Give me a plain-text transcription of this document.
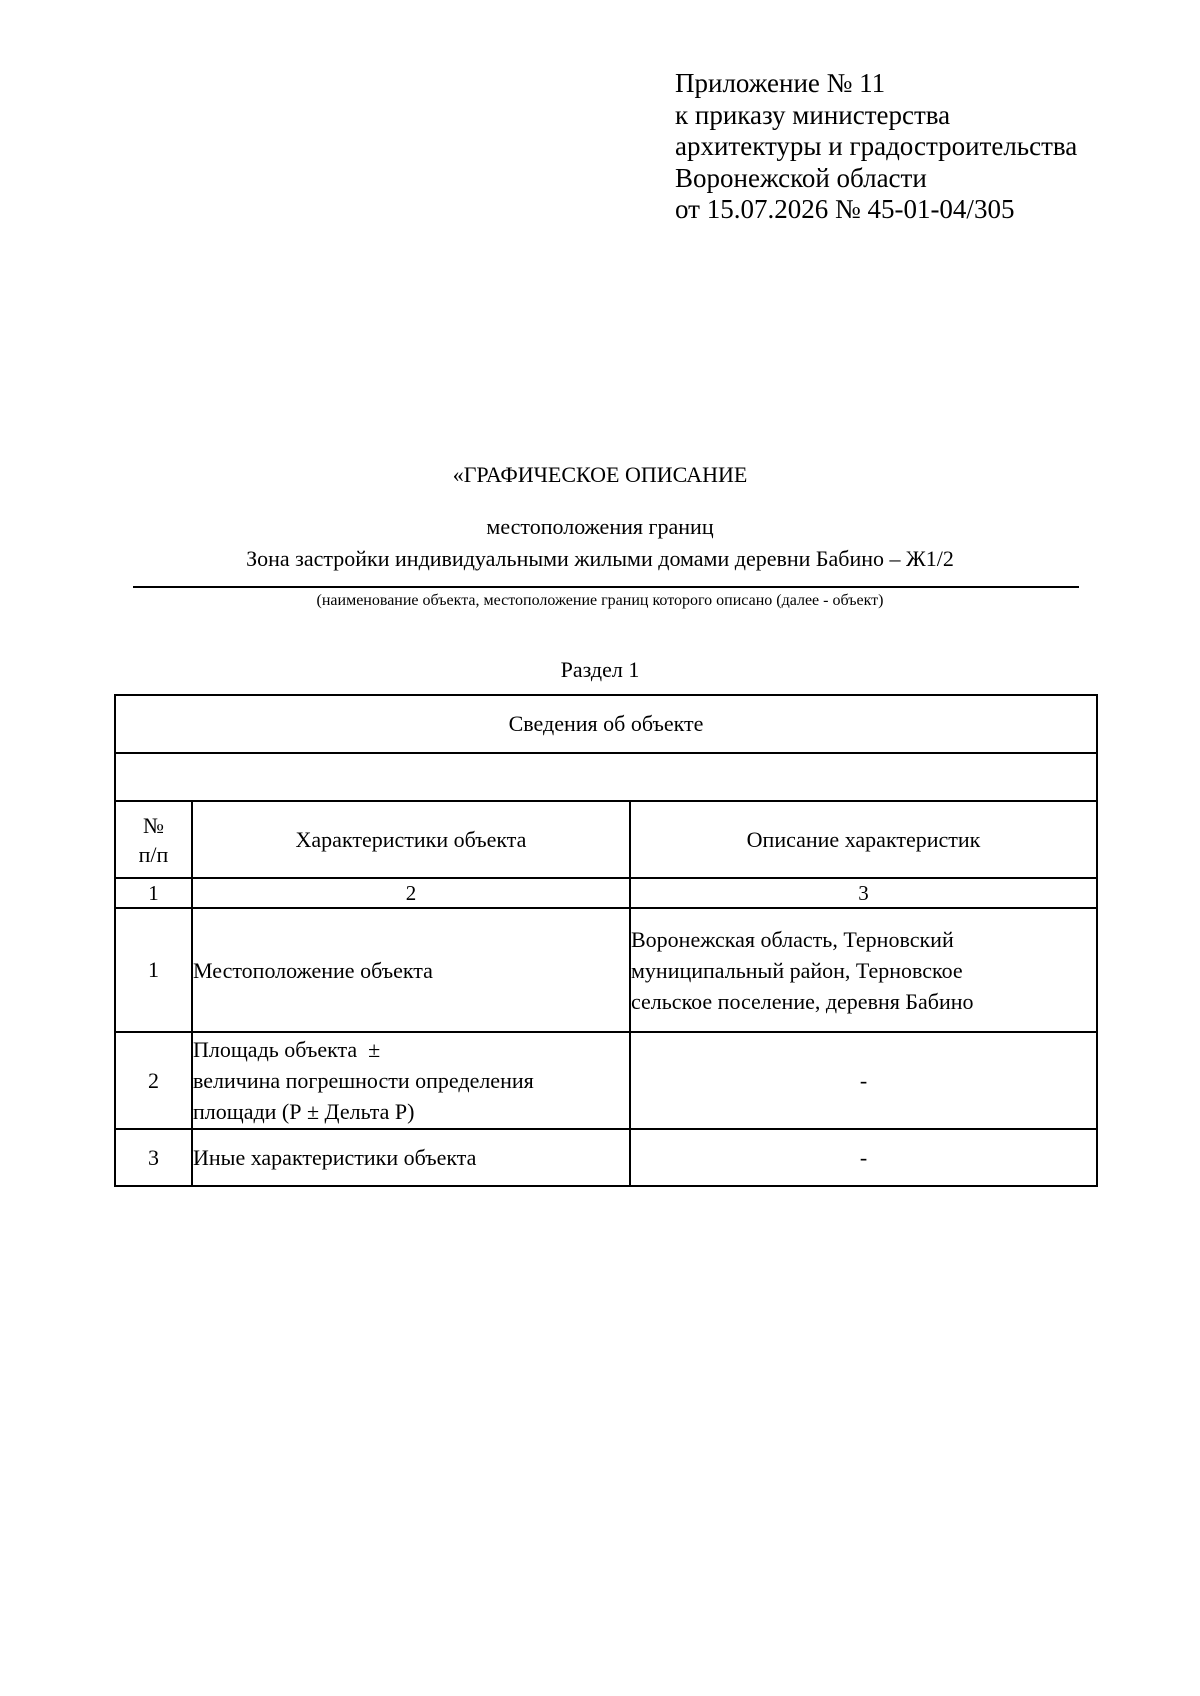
Приложение № 11
к приказу министерства
архитектуры и градостроительства
Воронежской области
от 15.07.2026 № 45-01-04/305
«ГРАФИЧЕСКОЕ ОПИСАНИЕ
местоположения границ
Зона застройки индивидуальными жилыми домами деревни Бабино – Ж1/2
(наименование объекта, местоположение границ которого описано (далее - объект)
Раздел 1
Сведения об объекте		

№
п/п	Характеристики объекта	Описание характеристик
1	2	3
1	Местоположение объекта	Воронежская область, Терновский
муниципальный район, Терновское
сельское поселение, деревня Бабино

2	Площадь объекта  ±
величина погрешности определения
площади (Р ± Дельта Р)	-
3	Иные характеристики объекта	-
